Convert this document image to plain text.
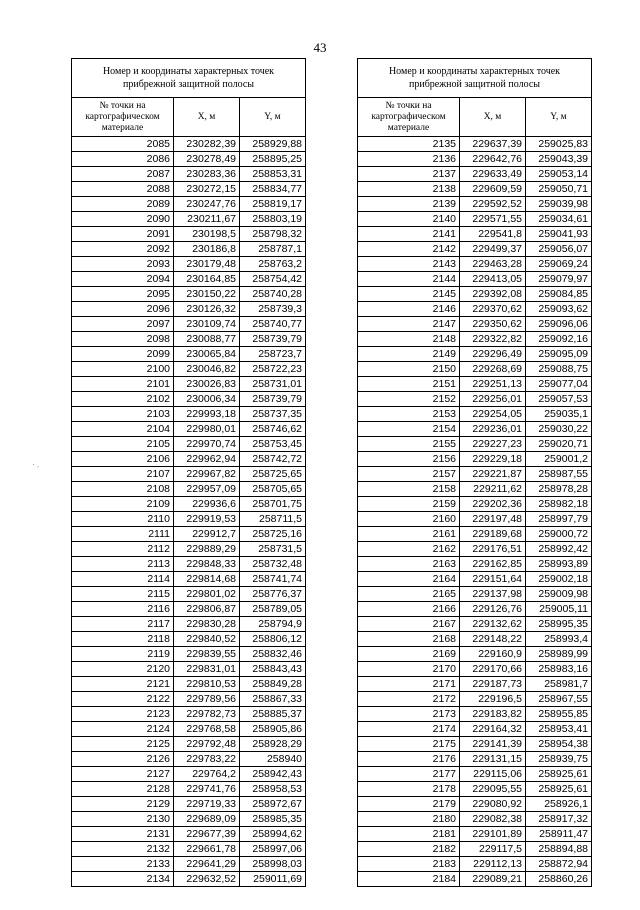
43
· .
Номер и координаты характерных точек прибрежной защитной полосы		
№ точки на картографическом материале	X, м	Y, м
2085	230282,39	258929,88
2086	230278,49	258895,25
2087	230283,36	258853,31
2088	230272,15	258834,77
2089	230247,76	258819,17
2090	230211,67	258803,19
2091	230198,5	258798,32
2092	230186,8	258787,1
2093	230179,48	258763,2
2094	230164,85	258754,42
2095	230150,22	258740,28
2096	230126,32	258739,3
2097	230109,74	258740,77
2098	230088,77	258739,79
2099	230065,84	258723,7
2100	230046,82	258722,23
2101	230026,83	258731,01
2102	230006,34	258739,79
2103	229993,18	258737,35
2104	229980,01	258746,62
2105	229970,74	258753,45
2106	229962,94	258742,72
2107	229967,82	258725,65
2108	229957,09	258705,65
2109	229936,6	258701,75
2110	229919,53	258711,5
2111	229912,7	258725,16
2112	229889,29	258731,5
2113	229848,33	258732,48
2114	229814,68	258741,74
2115	229801,02	258776,37
2116	229806,87	258789,05
2117	229830,28	258794,9
2118	229840,52	258806,12
2119	229839,55	258832,46
2120	229831,01	258843,43
2121	229810,53	258849,28
2122	229789,56	258867,33
2123	229782,73	258885,37
2124	229768,58	258905,86
2125	229792,48	258928,29
2126	229783,22	258940
2127	229764,2	258942,43
2128	229741,76	258958,53
2129	229719,33	258972,67
2130	229689,09	258985,35
2131	229677,39	258994,62
2132	229661,78	258997,06
2133	229641,29	258998,03
2134	229632,52	259011,69
Номер и координаты характерных точек прибрежной защитной полосы		
№ точки на картографическом материале	X, м	Y, м
2135	229637,39	259025,83
2136	229642,76	259043,39
2137	229633,49	259053,14
2138	229609,59	259050,71
2139	229592,52	259039,98
2140	229571,55	259034,61
2141	229541,8	259041,93
2142	229499,37	259056,07
2143	229463,28	259069,24
2144	229413,05	259079,97
2145	229392,08	259084,85
2146	229370,62	259093,62
2147	229350,62	259096,06
2148	229322,82	259092,16
2149	229296,49	259095,09
2150	229268,69	259088,75
2151	229251,13	259077,04
2152	229256,01	259057,53
2153	229254,05	259035,1
2154	229236,01	259030,22
2155	229227,23	259020,71
2156	229229,18	259001,2
2157	229221,87	258987,55
2158	229211,62	258978,28
2159	229202,36	258982,18
2160	229197,48	258997,79
2161	229189,68	259000,72
2162	229176,51	258992,42
2163	229162,85	258993,89
2164	229151,64	259002,18
2165	229137,98	259009,98
2166	229126,76	259005,11
2167	229132,62	258995,35
2168	229148,22	258993,4
2169	229160,9	258989,99
2170	229170,66	258983,16
2171	229187,73	258981,7
2172	229196,5	258967,55
2173	229183,82	258955,85
2174	229164,32	258953,41
2175	229141,39	258954,38
2176	229131,15	258939,75
2177	229115,06	258925,61
2178	229095,55	258925,61
2179	229080,92	258926,1
2180	229082,38	258917,32
2181	229101,89	258911,47
2182	229117,5	258894,88
2183	229112,13	258872,94
2184	229089,21	258860,26
